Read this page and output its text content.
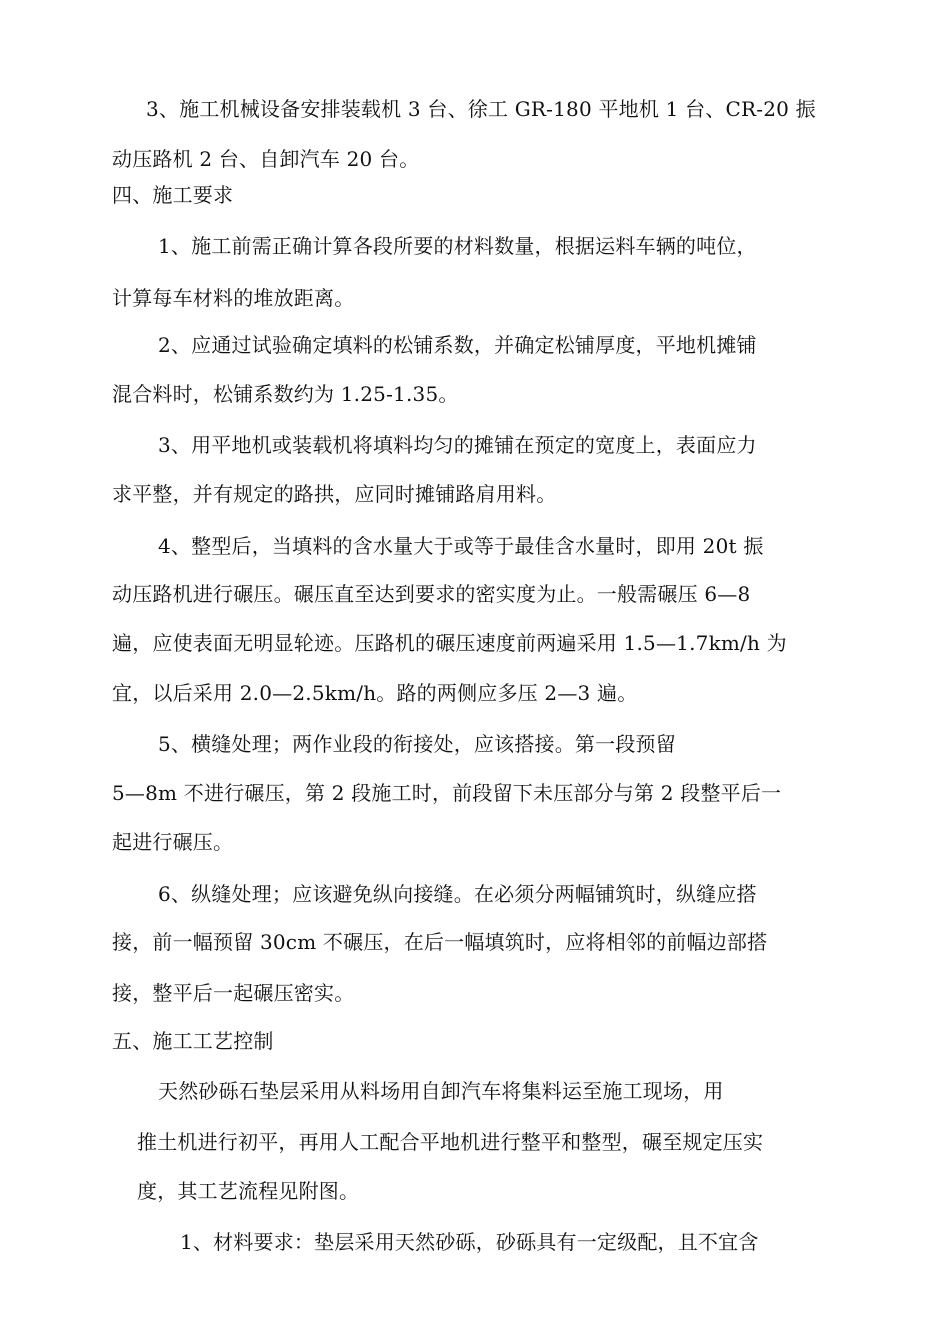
3、施工机械设备安排装载机 3 台、徐工 GR-180 平地机 1 台、CR-20 振
动压路机 2 台、自卸汽车 20 台。
四、施工要求
1、施工前需正确计算各段所要的材料数量，根据运料车辆的吨位，
计算每车材料的堆放距离。
2、应通过试验确定填料的松铺系数，并确定松铺厚度，平地机摊铺
混合料时，松铺系数约为 1.25-1.35。
3、用平地机或装载机将填料均匀的摊铺在预定的宽度上，表面应力
求平整，并有规定的路拱，应同时摊铺路肩用料。
4、整型后，当填料的含水量大于或等于最佳含水量时，即用 20t 振
动压路机进行碾压。碾压直至达到要求的密实度为止。一般需碾压 6—8
遍，应使表面无明显轮迹。压路机的碾压速度前两遍采用 1.5—1.7km/h 为
宜，以后采用 2.0—2.5km/h。路的两侧应多压 2—3 遍。
5、横缝处理；两作业段的衔接处，应该搭接。第一段预留
5—8m 不进行碾压，第 2 段施工时，前段留下未压部分与第 2 段整平后一
起进行碾压。
6、纵缝处理；应该避免纵向接缝。在必须分两幅铺筑时，纵缝应搭
接，前一幅预留 30cm 不碾压，在后一幅填筑时，应将相邻的前幅边部搭
接，整平后一起碾压密实。
五、施工工艺控制
天然砂砾石垫层采用从料场用自卸汽车将集料运至施工现场，用
推土机进行初平，再用人工配合平地机进行整平和整型，碾至规定压实
度，其工艺流程见附图。
1、材料要求：垫层采用天然砂砾，砂砾具有一定级配，且不宜含
